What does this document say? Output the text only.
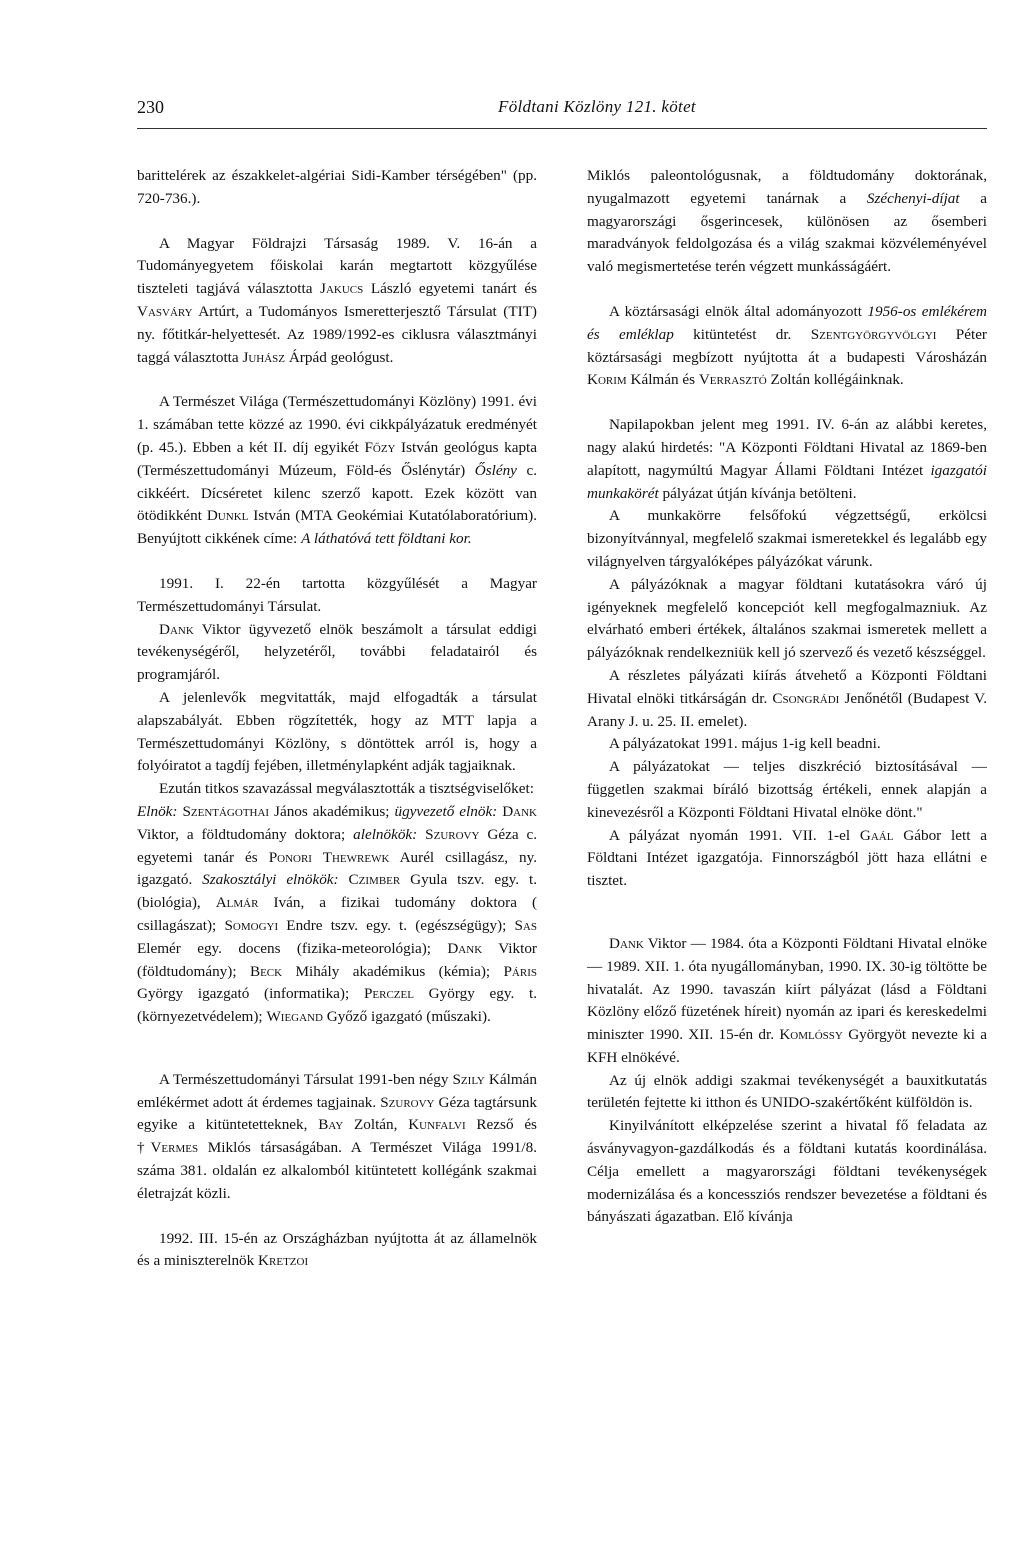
230	Földtani Közlöny 121. kötet

barittelérek az északkelet-algériai Sidi-Kamber térségében" (pp. 720-736.).

A Magyar Földrajzi Társaság 1989. V. 16-án a Tudományegyetem főiskolai karán megtartott közgyűlése tiszteleti tagjává választotta Jakucs László egyetemi tanárt és Vasváry Artúrt, a Tudományos Ismeretterjesztő Társulat (TIT) ny. főtitkár-helyettesét. Az 1989/1992-es ciklusra választmányi taggá választotta Juhász Árpád geológust.

A Természet Világa (Természettudományi Közlöny) 1991. évi 1. számában tette közzé az 1990. évi cikkpályázatuk eredményét (p. 45.). Ebben a két II. díj egyikét Főzy István geológus kapta (Természettudományi Múzeum, Föld-és Őslénytár) Őslény c. cikkéért. Dícséretet kilenc szerző kapott. Ezek között van ötödikként Dunkl István (MTA Geokémiai Kutatólaboratórium). Benyújtott cikkének címe: A láthatóvá tett földtani kor.

1991. I. 22-én tartotta közgyűlését a Magyar Természettudományi Társulat.

Dank Viktor ügyvezető elnök beszámolt a társulat eddigi tevékenységéről, helyzetéről, további feladatairól és programjáról.

A jelenlevők megvitatták, majd elfogadták a társulat alapszabályát. Ebben rögzítették, hogy az MTT lapja a Természettudományi Közlöny, s döntöttek arról is, hogy a folyóiratot a tagdíj fejében, illetménylapként adják tagjaiknak.

Ezután titkos szavazással megválasztották a tisztségviselőket:

Elnök: Szentágothai János akadémikus; ügyvezető elnök: Dank Viktor, a földtudomány doktora; alelnökök: Szurovy Géza c. egyetemi tanár és Ponori Thewrewk Aurél csillagász, ny. igazgató. Szakosztályi elnökök: Czimber Gyula tszv. egy. t. (biológia), Almár Iván, a fizikai tudomány doktora ( csillagászat); Somogyi Endre tszv. egy. t. (egészségügy); Sas Elemér egy. docens (fizika-meteorológia); Dank Viktor (földtudomány); Beck Mihály akadémikus (kémia); Páris György igazgató (informatika); Perczel György egy. t. (környezetvédelem); Wiegand Győző igazgató (műszaki).

A Természettudományi Társulat 1991-ben négy Szily Kálmán emlékérmet adott át érdemes tagjainak. Szurovy Géza tagtársunk egyike a kitüntetetteknek, Bay Zoltán, Kunfalvi Rezső és †Vermes Miklós társaságában. A Természet Világa 1991/8. száma 381. oldalán ez alkalomból kitüntetett kollégánk szakmai életrajzát közli.

1992. III. 15-én az Országházban nyújtotta át az államelnök és a miniszterelnök Kretzoi

Miklós paleontológusnak, a földtudomány doktorának, nyugalmazott egyetemi tanárnak a Széchenyi-díjat a magyarországi ősgerincesek, különösen az ősemberi maradványok feldolgozása és a világ szakmai közvéleményével való megismertetése terén végzett munkásságáért.

A köztársasági elnök által adományozott 1956-os emlékérem és emléklap kitüntetést dr. Szentgyörgyvölgyi Péter köztársasági megbízott nyújtotta át a budapesti Városházán Korim Kálmán és Verrasztó Zoltán kollégáinknak.

Napilapokban jelent meg 1991. IV. 6-án az alábbi keretes, nagy alakú hirdetés: "A Központi Földtani Hivatal az 1869-ben alapított, nagymúltú Magyar Állami Földtani Intézet igazgatói munkakörét pályázat útján kívánja betölteni.

A munkakörre felsőfokú végzettségű, erkölcsi bizonyítvánnyal, megfelelő szakmai ismeretekkel és legalább egy világnyelven tárgyalóképes pályázókat várunk.

A pályázóknak a magyar földtani kutatásokra váró új igényeknek megfelelő koncepciót kell megfogalmazniuk. Az elvárható emberi értékek, általános szakmai ismeretek mellett a pályázóknak rendelkezniük kell jó szervező és vezető készséggel.

A részletes pályázati kiírás átvehető a Központi Földtani Hivatal elnöki titkárságán dr. Csongrádi Jenőnétől (Budapest V. Arany J. u. 25. II. emelet).

A pályázatokat 1991. május 1-ig kell beadni.

A pályázatokat — teljes diszkréció biztosításával — független szakmai bíráló bizottság értékeli, ennek alapján a kinevezésről a Központi Földtani Hivatal elnöke dönt."

A pályázat nyomán 1991. VII. 1-el Gaál Gábor lett a Földtani Intézet igazgatója. Finnországból jött haza ellátni e tisztet.

Dank Viktor — 1984. óta a Központi Földtani Hivatal elnöke — 1989. XII. 1. óta nyugállományban, 1990. IX. 30-ig töltötte be hivatalát. Az 1990. tavaszán kiírt pályázat (lásd a Földtani Közlöny előző füzetének híreit) nyomán az ipari és kereskedelmi miniszter 1990. XII. 15-én dr. Komlóssy Györgyöt nevezte ki a KFH elnökévé.

Az új elnök addigi szakmai tevékenységét a bauxitkutatás területén fejtette ki itthon és UNIDO-szakértőként külföldön is.

Kinyilvánított elképzelése szerint a hivatal fő feladata az ásványvagyon-gazdálkodás és a földtani kutatás koordinálása. Célja emellett a magyarországi földtani tevékenységek modernizálása és a koncessziós rendszer bevezetése a földtani és bányászati ágazatban. Elő kívánja
